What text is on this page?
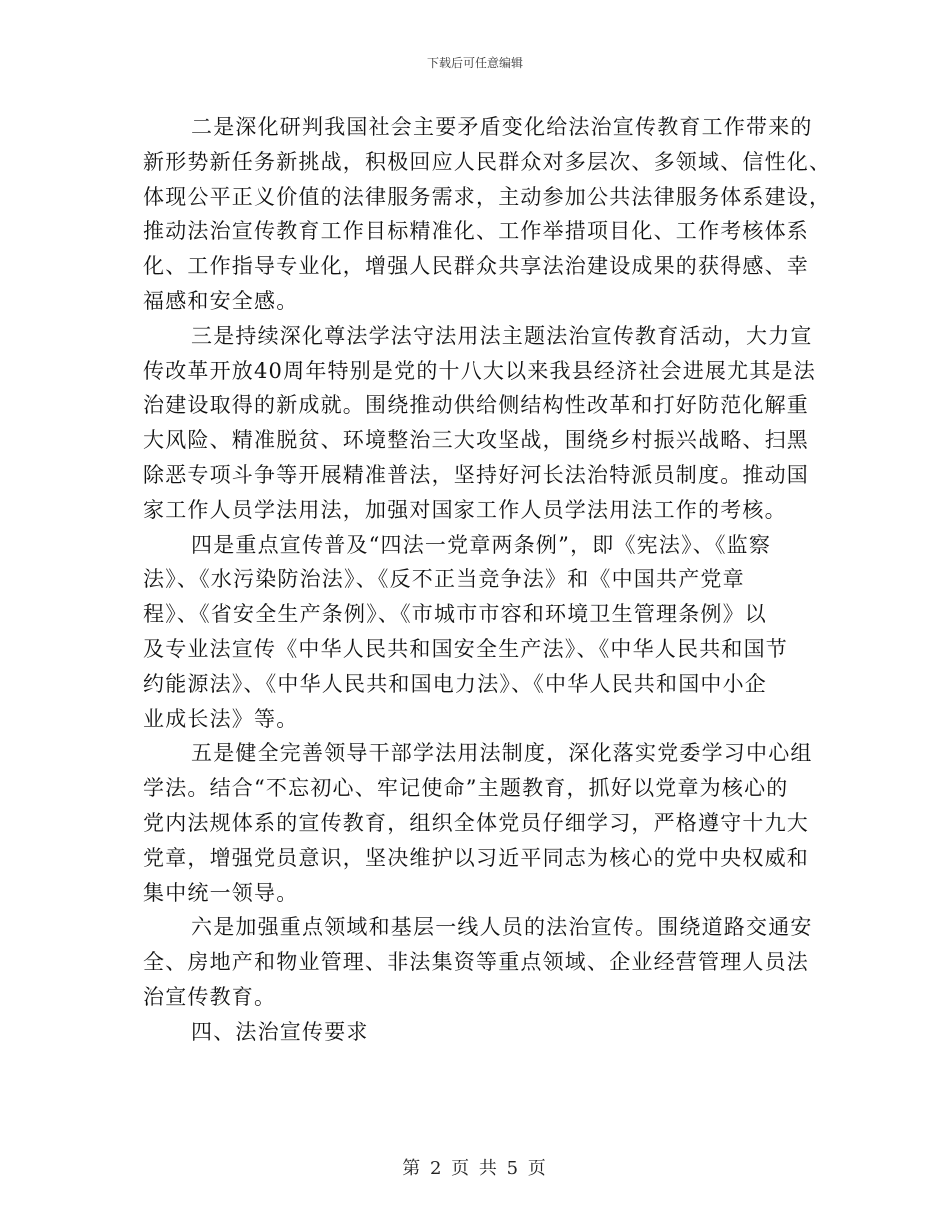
下载后可任意编辑
二是深化研判我国社会主要矛盾变化给法治宣传教育工作带来的
新形势新任务新挑战，积极回应人民群众对多层次、多领域、信性化、
体现公平正义价值的法律服务需求，主动参加公共法律服务体系建设，
推动法治宣传教育工作目标精准化、工作举措项目化、工作考核体系
化、工作指导专业化，增强人民群众共享法治建设成果的获得感、幸
福感和安全感。
三是持续深化尊法学法守法用法主题法治宣传教育活动，大力宣
传改革开放40周年特别是党的十八大以来我县经济社会进展尤其是法
治建设取得的新成就。围绕推动供给侧结构性改革和打好防范化解重
大风险、精准脱贫、环境整治三大攻坚战，围绕乡村振兴战略、扫黑
除恶专项斗争等开展精准普法，坚持好河长法治特派员制度。推动国
家工作人员学法用法，加强对国家工作人员学法用法工作的考核。
四是重点宣传普及“四法一党章两条例”，即《宪法》、《监察
法》、《水污染防治法》、《反不正当竞争法》和《中国共产党章
程》、《省安全生产条例》、《市城市市容和环境卫生管理条例》以
及专业法宣传《中华人民共和国安全生产法》、《中华人民共和国节
约能源法》、《中华人民共和国电力法》、《中华人民共和国中小企
业成长法》等。
五是健全完善领导干部学法用法制度，深化落实党委学习中心组
学法。结合“不忘初心、牢记使命”主题教育，抓好以党章为核心的
党内法规体系的宣传教育，组织全体党员仔细学习，严格遵守十九大
党章，增强党员意识，坚决维护以习近平同志为核心的党中央权威和
集中统一领导。
六是加强重点领域和基层一线人员的法治宣传。围绕道路交通安
全、房地产和物业管理、非法集资等重点领域、企业经营管理人员法
治宣传教育。
四、法治宣传要求
第 2 页 共 5 页
